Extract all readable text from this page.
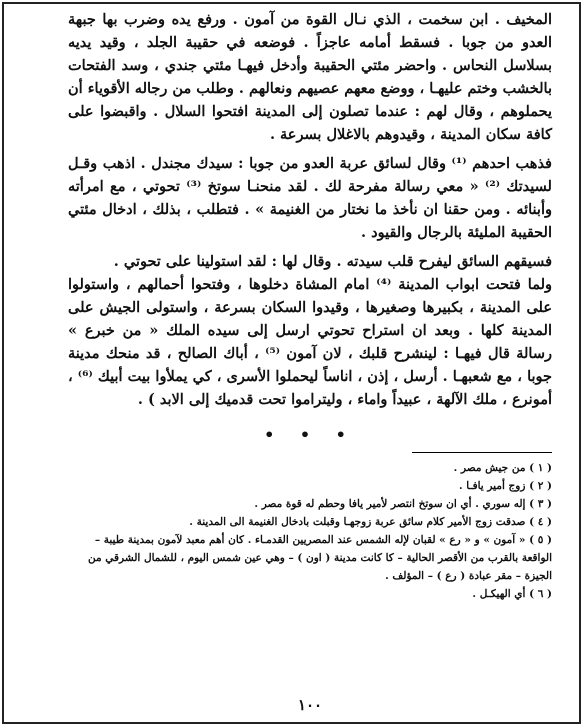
المخيف . ابن سخمت ، الذي نـال القوة من آمون . ورفع يده وضرب بها جبهة العدو من جوبا . فسقط أمامه عاجزاً . فوضعه في حقيبة الجلد ، وقيد يديه بسلاسل النحاس . واحضر مئتي الحقيبة وأدخل فيهـا مئتي جندي ، وسد الفتحات بالخشب وختم عليهـا ، ووضع معهم عصيهم ونعالهم . وطلب من رجاله الأقوياء أن يحملوهم ، وقال لهم : عندما تصلون إلى المدينة افتحوا السلال . واقبضوا على كافة سكان المدينة ، وقيدوهم بالاغلال بسرعة .

فذهب احدهم ⁽¹⁾ وقال لسائق عربة العدو من جوبا : سيدك مجندل . اذهب وقـل لسيدتك ⁽²⁾ « معي رسالة مفرحة لك . لقد منحنـا سوتخ ⁽³⁾ تحوتي ، مع امرأته وأبنائه . ومن حقنا ان نأخذ ما نختار من الغنيمة » . فتطلب ، بذلك ، ادخال مئتي الحقيبة المليئة بالرجال والقيود .

فسيقهم السائق ليفرح قلب سيدته . وقال لها : لقد استولينا على تحوتي .

ولما فتحت ابواب المدينة ⁽⁴⁾ امام المشاة دخلوها ، وفتحوا أحمالهم ، واستولوا على المدينة ، بكبيرها وصغيرها ، وقيدوا السكان بسرعة ، واستولى الجيش على المدينة كلها . وبعد ان استراح تحوتي ارسل إلى سيده الملك « من خبرع » رسالة قال فيهـا : لينشرح قلبك ، لان آمون ⁽⁵⁾ ، أباك الصالح ، قد منحك مدينة جوبا ، مع شعبهـا . أرسل ، إذن ، اناساً ليحملوا الأسرى ، كي يملأوا بيت أبيك ⁽⁶⁾ ، أمونرع ، ملك الآلهة ، عبيداً واماء ، وليتراموا تحت قدميك إلى الابد ) .

• • •

( ١ ) من جيش مصر .

( ٢ ) زوج أمير يافـا .

( ٣ ) إله سوري . أي ان سوتخ انتصر لأمير يافا وحطم له قوة مصر .

( ٤ ) صدقت زوج الأمير كلام سائق عربة زوجهـا وقبلت بادخال الغنيمة الى المدينة .

( ٥ ) « آمون » و « رع » لقبان لإله الشمس عند المصريين القدمـاء . كان أهم معبد لآمون بمدينة طيبة – الواقعة بالقرب من الأقصر الحالية – كا كانت مدينة ( اون ) – وهي عين شمس اليوم ، للشمال الشرقي من الجيزة – مقر عبادة ( رع ) – المؤلف .

( ٦ ) أي الهيكـل .

١٠٠
